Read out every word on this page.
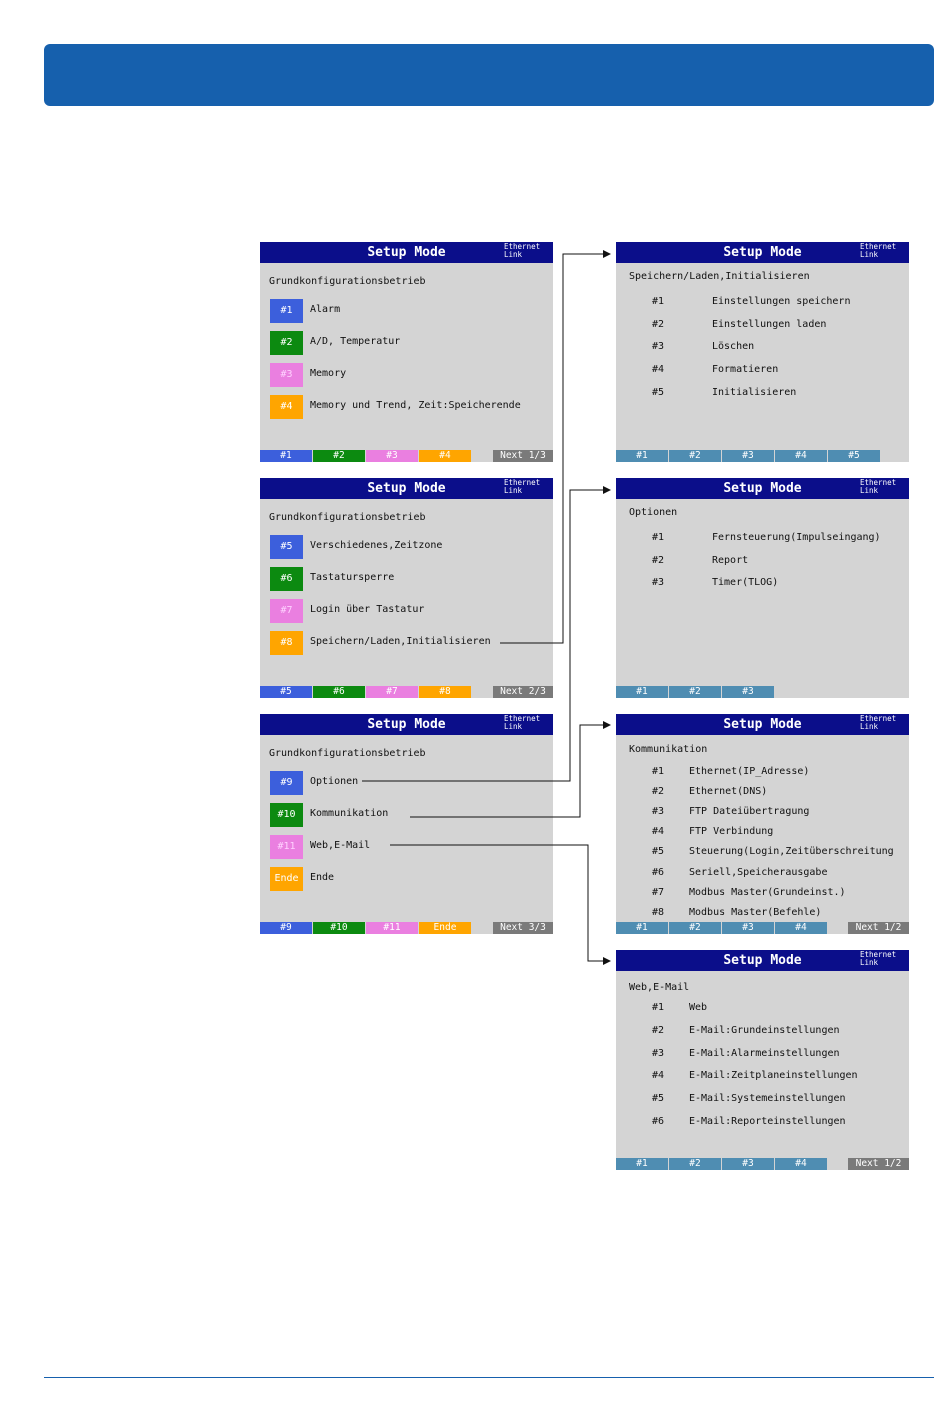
Setup Mode	Ethernet
Link
Grundkonfigurationsbetrieb
#1	Alarm
#2	A/D, Temperatur
#3	Memory
#4	Memory und Trend, Zeit:Speicherende
#1	#2	#3	#4	Next 1/3
Setup Mode	Ethernet
Link
Grundkonfigurationsbetrieb
#5	Verschiedenes,Zeitzone
#6	Tastatursperre
#7	Login über Tastatur
#8	Speichern/Laden,Initialisieren
#5	#6	#7	#8	Next 2/3
Setup Mode	Ethernet
Link
Grundkonfigurationsbetrieb
#9	Optionen
#10	Kommunikation
#11	Web,E-Mail
Ende	Ende
#9	#10	#11	Ende	Next 3/3
Setup Mode	Ethernet
Link
Speichern/Laden,Initialisieren
#1	Einstellungen speichern
#2	Einstellungen laden
#3	Löschen
#4	Formatieren
#5	Initialisieren
#1	#2	#3	#4	#5
Setup Mode	Ethernet
Link
Optionen
#1	Fernsteuerung(Impulseingang)
#2	Report
#3	Timer(TLOG)
#1	#2	#3
Setup Mode	Ethernet
Link
Kommunikation
#1 Ethernet(IP_Adresse)
#2 Ethernet(DNS)
#3 FTP Dateiübertragung
#4 FTP Verbindung
#5 Steuerung(Login,Zeitüberschreitung
#6 Seriell,Speicherausgabe
#7 Modbus Master(Grundeinst.)
#8 Modbus Master(Befehle)
#1	#2	#3	#4	Next 1/2
Setup Mode	Ethernet
Link
Web,E-Mail
#1 Web
#2 E-Mail:Grundeinstellungen
#3 E-Mail:Alarmeinstellungen
#4 E-Mail:Zeitplaneinstellungen
#5 E-Mail:Systemeinstellungen
#6 E-Mail:Reporteinstellungen
#1	#2	#3	#4	Next 1/2
